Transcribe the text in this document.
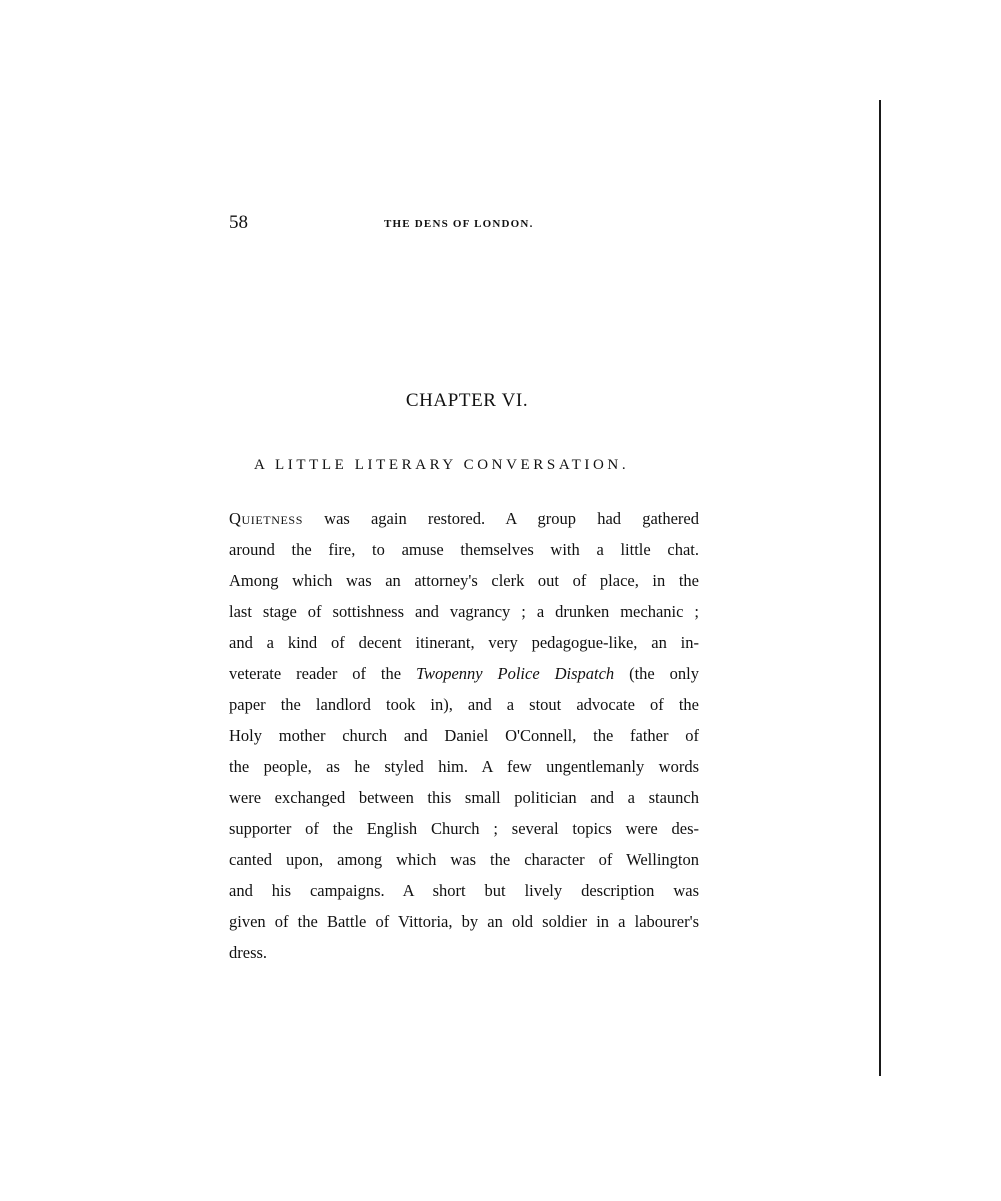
58	THE DENS OF LONDON.
CHAPTER VI.
A LITTLE LITERARY CONVERSATION.
Quietness was again restored. A group had gathered
around the fire, to amuse themselves with a little chat.
Among which was an attorney's clerk out of place, in the
last stage of sottishness and vagrancy ; a drunken mechanic ;
and a kind of decent itinerant, very pedagogue-like, an in-
veterate reader of the Twopenny Police Dispatch (the only
paper the landlord took in), and a stout advocate of the
Holy mother church and Daniel O'Connell, the father of
the people, as he styled him. A few ungentlemanly words
were exchanged between this small politician and a staunch
supporter of the English Church ; several topics were des-
canted upon, among which was the character of Wellington
and his campaigns. A short but lively description was
given of the Battle of Vittoria, by an old soldier in a labourer's
dress.
